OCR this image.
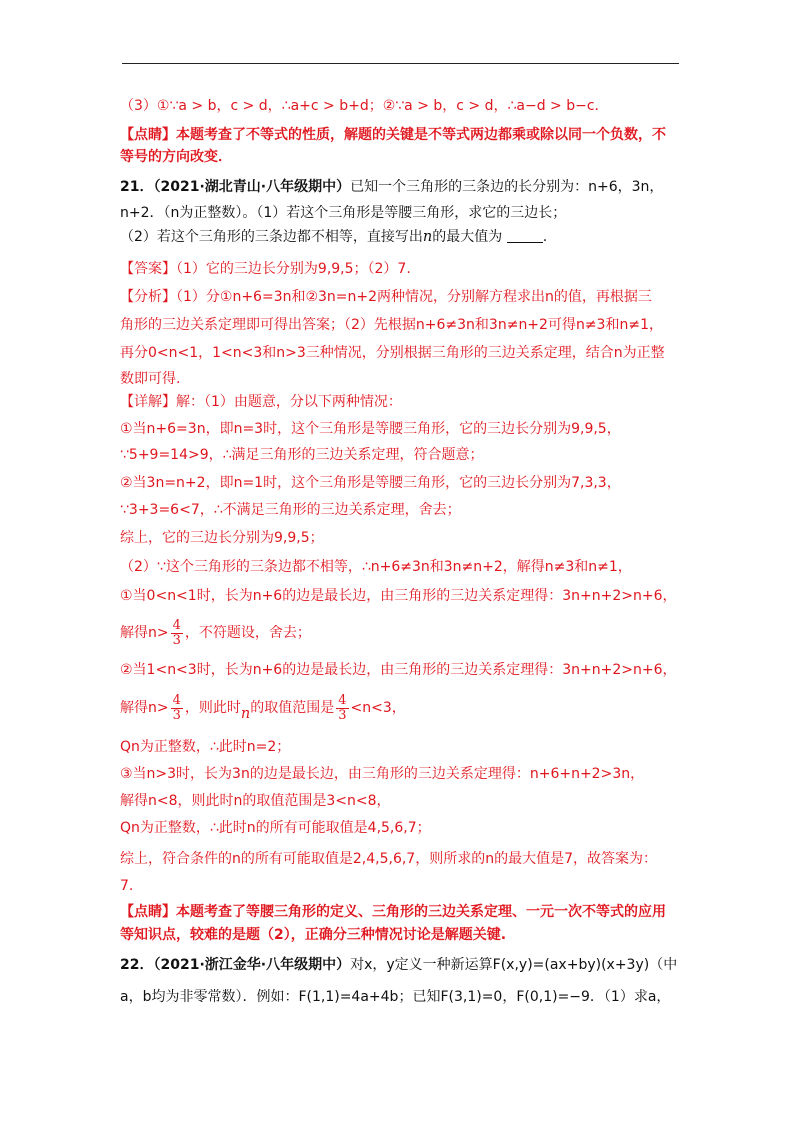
（3）①∵a > b，c > d，∴a+c > b+d；②∵a > b，c > d，∴a−d > b−c．
【点睛】本题考查了不等式的性质，解题的关键是不等式两边都乘或除以同一个负数，不
等号的方向改变．
21．（2021·湖北青山·八年级期中）已知一个三角形的三条边的长分别为：n+6，3n，
n+2．（n为正整数）。（1）若这个三角形是等腰三角形，求它的三边长；
（2）若这个三角形的三条边都不相等，直接写出n的最大值为	.
【答案】（1）它的三边长分别为9,9,5；（2）7.
【分析】（1）分①n+6=3n和②3n=n+2两种情况，分别解方程求出n的值，再根据三
角形的三边关系定理即可得出答案；（2）先根据n+6≠3n和3n≠n+2可得n≠3和n≠1，
再分0<n<1，1<n<3和n>3三种情况，分别根据三角形的三边关系定理，结合n为正整
数即可得.
【详解】解：（1）由题意，分以下两种情况：
①当n+6=3n，即n=3时，这个三角形是等腰三角形，它的三边长分别为9,9,5，
∵5+9=14>9，∴满足三角形的三边关系定理，符合题意；
②当3n=n+2，即n=1时，这个三角形是等腰三角形，它的三边长分别为7,3,3，
∵3+3=6<7，∴不满足三角形的三边关系定理，舍去；
综上，它的三边长分别为9,9,5；
（2）∵这个三角形的三条边都不相等，∴n+6≠3n和3n≠n+2，解得n≠3和n≠1，
①当0<n<1时，长为n+6的边是最长边，由三角形的三边关系定理得：3n+n+2>n+6，
解得$n> \frac{4}{3}$ ，不符题设，舍去；
②当1<n<3时，长为n+6的边是最长边，由三角形的三边关系定理得：3n+n+2>n+6，
解得$n> \frac{4}{3}$ ，则此时n的取值范围是 $\frac{4}{3} <n<3$，
Qn为正整数，∴此时n=2；
③当n>3时，长为3n的边是最长边，由三角形的三边关系定理得：n+6+n+2>3n，
解得n<8，则此时n的取值范围是3<n<8，
Qn为正整数，∴此时n的所有可能取值是4,5,6,7；
综上，符合条件的n的所有可能取值是2,4,5,6,7，则所求的n的最大值是7，故答案为：
7.
【点睛】本题考查了等腰三角形的定义、三角形的三边关系定理、一元一次不等式的应用
等知识点，较难的是题（2），正确分三种情况讨论是解题关键.
22．（2021·浙江金华·八年级期中）对x，y定义一种新运算F(x,y)=(ax+by)(x+3y)（中
a，b均为非零常数）．例如：F(1,1)=4a+4b；已知F(3,1)=0，F(0,1)=−9．（1）求a，
